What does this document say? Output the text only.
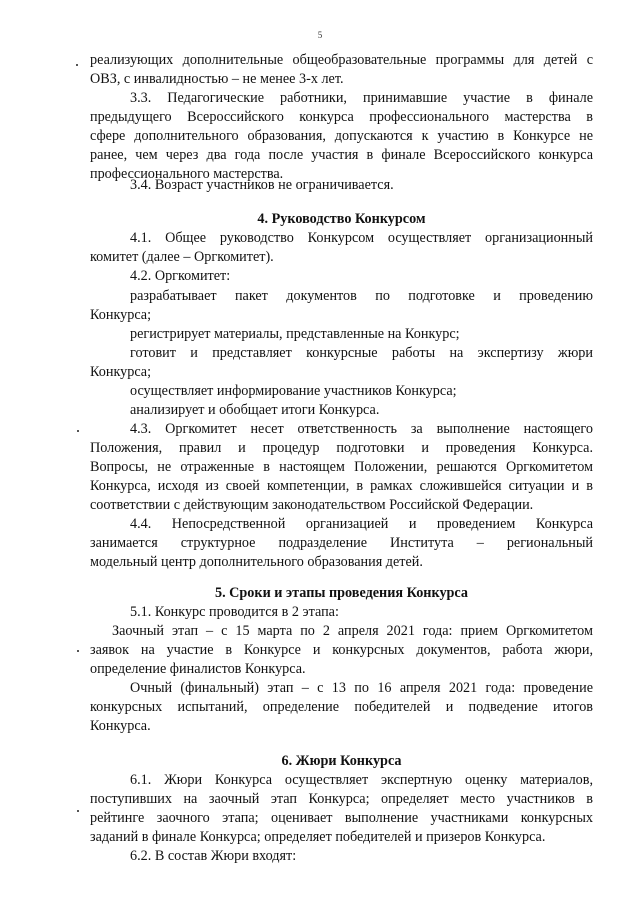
5
реализующих дополнительные общеобразовательные программы для детей с
ОВЗ, с инвалидностью – не менее 3-х лет.
3.3. Педагогические работники, принимавшие участие в финале
предыдущего Всероссийского конкурса профессионального мастерства в
сфере дополнительного образования, допускаются к участию в Конкурсе не
ранее, чем через два года после участия в финале Всероссийского конкурса
профессионального мастерства.
3.4. Возраст участников не ограничивается.
4. Руководство Конкурсом
4.1. Общее руководство Конкурсом осуществляет организационный
комитет (далее – Оргкомитет).
4.2. Оргкомитет:
разрабатывает пакет документов по подготовке и проведению
Конкурса;
регистрирует материалы, представленные на Конкурс;
готовит и представляет конкурсные работы на экспертизу жюри
Конкурса;
осуществляет информирование участников Конкурса;
анализирует и обобщает итоги Конкурса.
4.3. Оргкомитет несет ответственность за выполнение настоящего
Положения, правил и процедур подготовки и проведения Конкурса.
Вопросы, не отраженные в настоящем Положении, решаются Оргкомитетом
Конкурса, исходя из своей компетенции, в рамках сложившейся ситуации и в
соответствии с действующим законодательством Российской Федерации.
4.4. Непосредственной организацией и проведением Конкурса
занимается структурное подразделение Института – региональный
модельный центр дополнительного образования детей.
5. Сроки и этапы проведения Конкурса
5.1. Конкурс проводится в 2 этапа:
Заочный этап – с 15 марта по 2 апреля 2021 года: прием Оргкомитетом
заявок на участие в Конкурсе и конкурсных документов, работа жюри,
определение финалистов Конкурса.
Очный (финальный) этап – с 13 по 16 апреля 2021 года: проведение
конкурсных испытаний, определение победителей и подведение итогов
Конкурса.
6. Жюри Конкурса
6.1. Жюри Конкурса осуществляет экспертную оценку материалов,
поступивших на заочный этап Конкурса; определяет место участников в
рейтинге заочного этапа; оценивает выполнение участниками конкурсных
заданий в финале Конкурса; определяет победителей и призеров Конкурса.
6.2. В состав Жюри входят:
